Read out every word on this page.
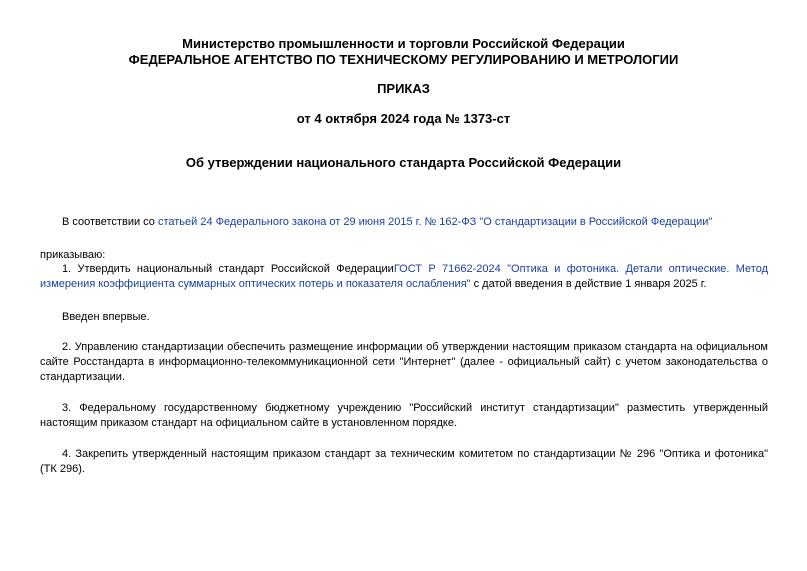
Министерство промышленности и торговли Российской Федерации
ФЕДЕРАЛЬНОЕ АГЕНТСТВО ПО ТЕХНИЧЕСКОМУ РЕГУЛИРОВАНИЮ И МЕТРОЛОГИИ
ПРИКАЗ
от 4 октября 2024 года № 1373-ст
Об утверждении национального стандарта Российской Федерации
В соответствии со статьей 24 Федерального закона от 29 июня 2015 г. № 162-ФЗ "О стандартизации в Российской Федерации"
приказываю:
1. Утвердить национальный стандарт Российской ФедерацииГОСТ Р 71662-2024 "Оптика и фотоника. Детали оптические. Метод измерения коэффициента суммарных оптических потерь и показателя ослабления" с датой введения в действие 1 января 2025 г.
Введен впервые.
2. Управлению стандартизации обеспечить размещение информации об утверждении настоящим приказом стандарта на официальном сайте Росстандарта в информационно-телекоммуникационной сети "Интернет" (далее - официальный сайт) с учетом законодательства о стандартизации.
3. Федеральному государственному бюджетному учреждению "Российский институт стандартизации" разместить утвержденный настоящим приказом стандарт на официальном сайте в установленном порядке.
4. Закрепить утвержденный настоящим приказом стандарт за техническим комитетом по стандартизации № 296 "Оптика и фотоника" (ТК 296).
